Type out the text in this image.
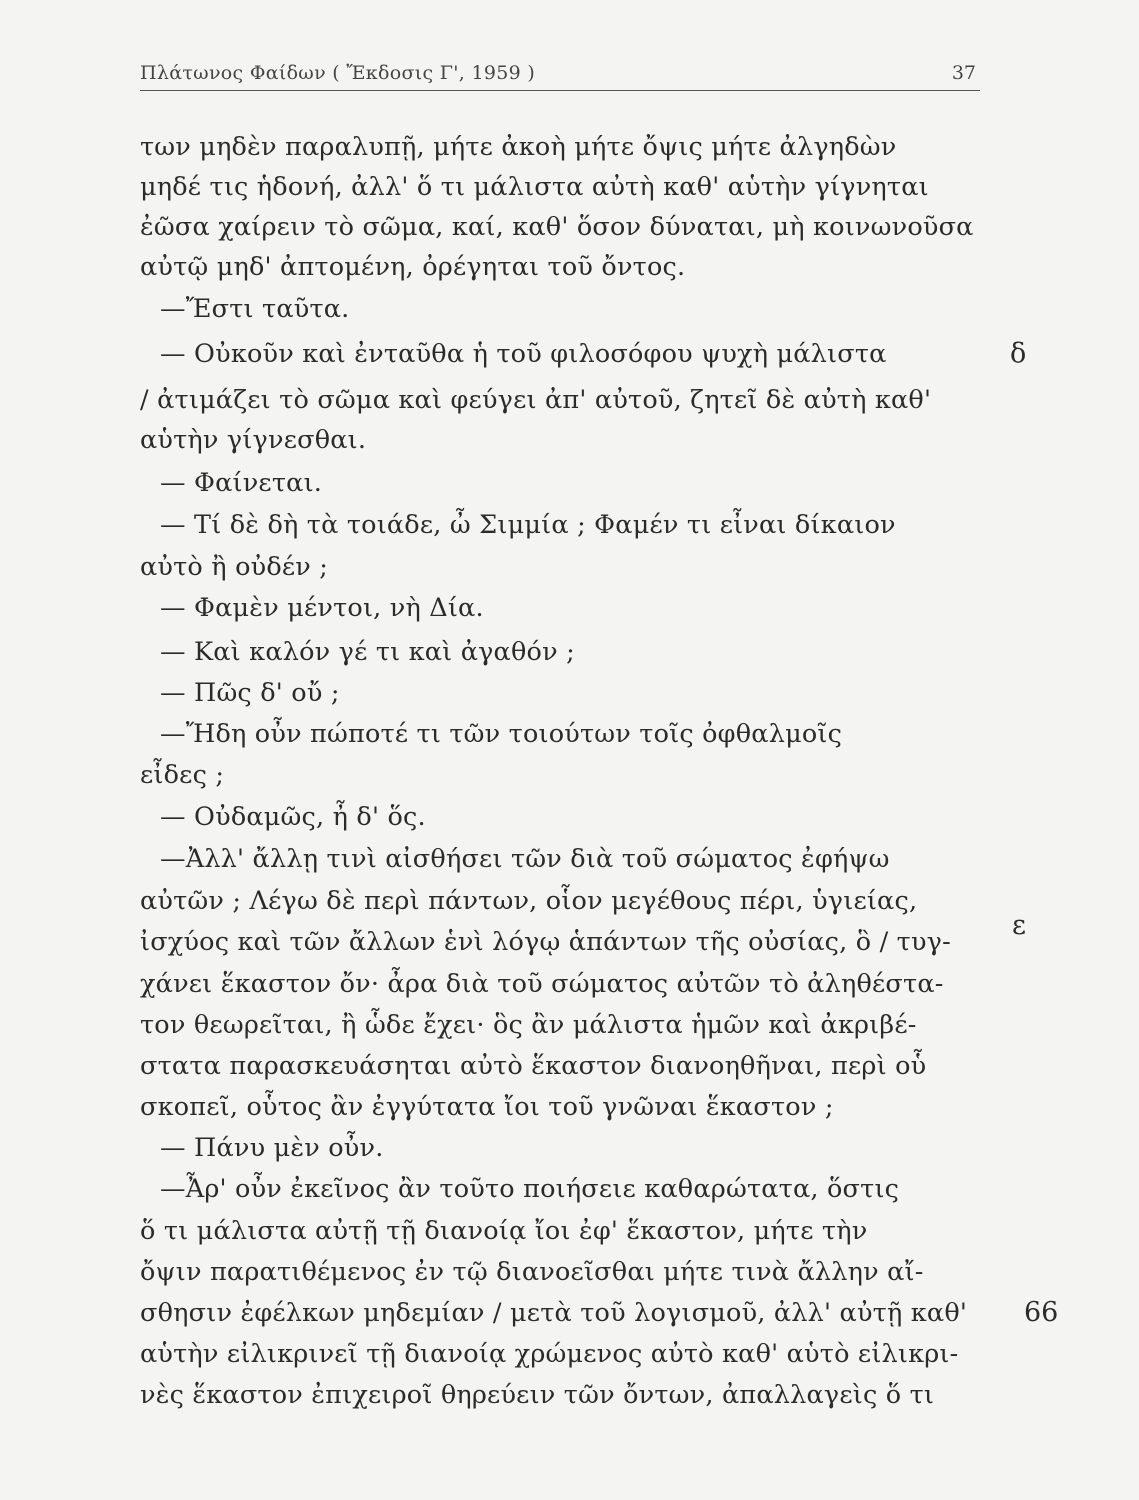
Πλάτωνος Φαίδων ( Ἔκδοσις Γ', 1959 )	37
των μηδὲν παραλυπῇ, μήτε ἀκοὴ μήτε ὄψις μήτε ἀλγηδὼν
μηδέ τις ἡδονή, ἀλλ' ὅ τι μάλιστα αὐτὴ καθ' αὑτὴν γίγνηται
ἐῶσα χαίρειν τὸ σῶμα, καί, καθ' ὅσον δύναται, μὴ κοινωνοῦσα
αὐτῷ μηδ' ἀπτομένη, ὀρέγηται τοῦ ὄντος.
—Ἔστι ταῦτα.
— Οὐκοῦν καὶ ἐνταῦθα ἡ τοῦ φιλοσόφου ψυχὴ μάλιστα
/ ἀτιμάζει τὸ σῶμα καὶ φεύγει ἀπ' αὐτοῦ, ζητεῖ δὲ αὐτὴ καθ'
αὑτὴν γίγνεσθαι.
— Φαίνεται.
— Τί δὲ δὴ τὰ τοιάδε, ὦ Σιμμία ; Φαμέν τι εἶναι δίκαιον
αὐτὸ ἢ οὐδέν ;
— Φαμὲν μέντοι, νὴ Δία.
— Καὶ καλόν γέ τι καὶ ἀγαθόν ;
— Πῶς δ' οὔ ;
—Ἤδη οὖν πώποτέ τι τῶν τοιούτων τοῖς ὀφθαλμοῖς
εἶδες ;
— Οὐδαμῶς, ἦ δ' ὅς.
—Ἀλλ' ἄλλῃ τινὶ αἰσθήσει τῶν διὰ τοῦ σώματος ἐφήψω
αὐτῶν ; Λέγω δὲ περὶ πάντων, οἷον μεγέθους πέρι, ὑγιείας,
ἰσχύος καὶ τῶν ἄλλων ἑνὶ λόγῳ ἁπάντων τῆς οὐσίας, ὃ / τυγ-
χάνει ἕκαστον ὄν· ἆρα διὰ τοῦ σώματος αὐτῶν τὸ ἀληθέστα-
τον θεωρεῖται, ἢ ὧδε ἔχει· ὃς ἂν μάλιστα ἡμῶν καὶ ἀκριβέ-
στατα παρασκευάσηται αὐτὸ ἕκαστον διανοηθῆναι, περὶ οὗ
σκοπεῖ, οὗτος ἂν ἐγγύτατα ἴοι τοῦ γνῶναι ἕκαστον ;
— Πάνυ μὲν οὖν.
—Ἆρ' οὖν ἐκεῖνος ἂν τοῦτο ποιήσειε καθαρώτατα, ὅστις
ὅ τι μάλιστα αὐτῇ τῇ διανοίᾳ ἴοι ἐφ' ἕκαστον, μήτε τὴν
ὄψιν παρατιθέμενος ἐν τῷ διανοεῖσθαι μήτε τινὰ ἄλλην αἴ-
σθησιν ἐφέλκων μηδεμίαν / μετὰ τοῦ λογισμοῦ, ἀλλ' αὐτῇ καθ'
αὑτὴν εἰλικρινεῖ τῇ διανοίᾳ χρώμενος αὐτὸ καθ' αὑτὸ εἰλικρι-
νὲς ἕκαστον ἐπιχειροῖ θηρεύειν τῶν ὄντων, ἀπαλλαγεὶς ὅ τι
δ
ε
66
